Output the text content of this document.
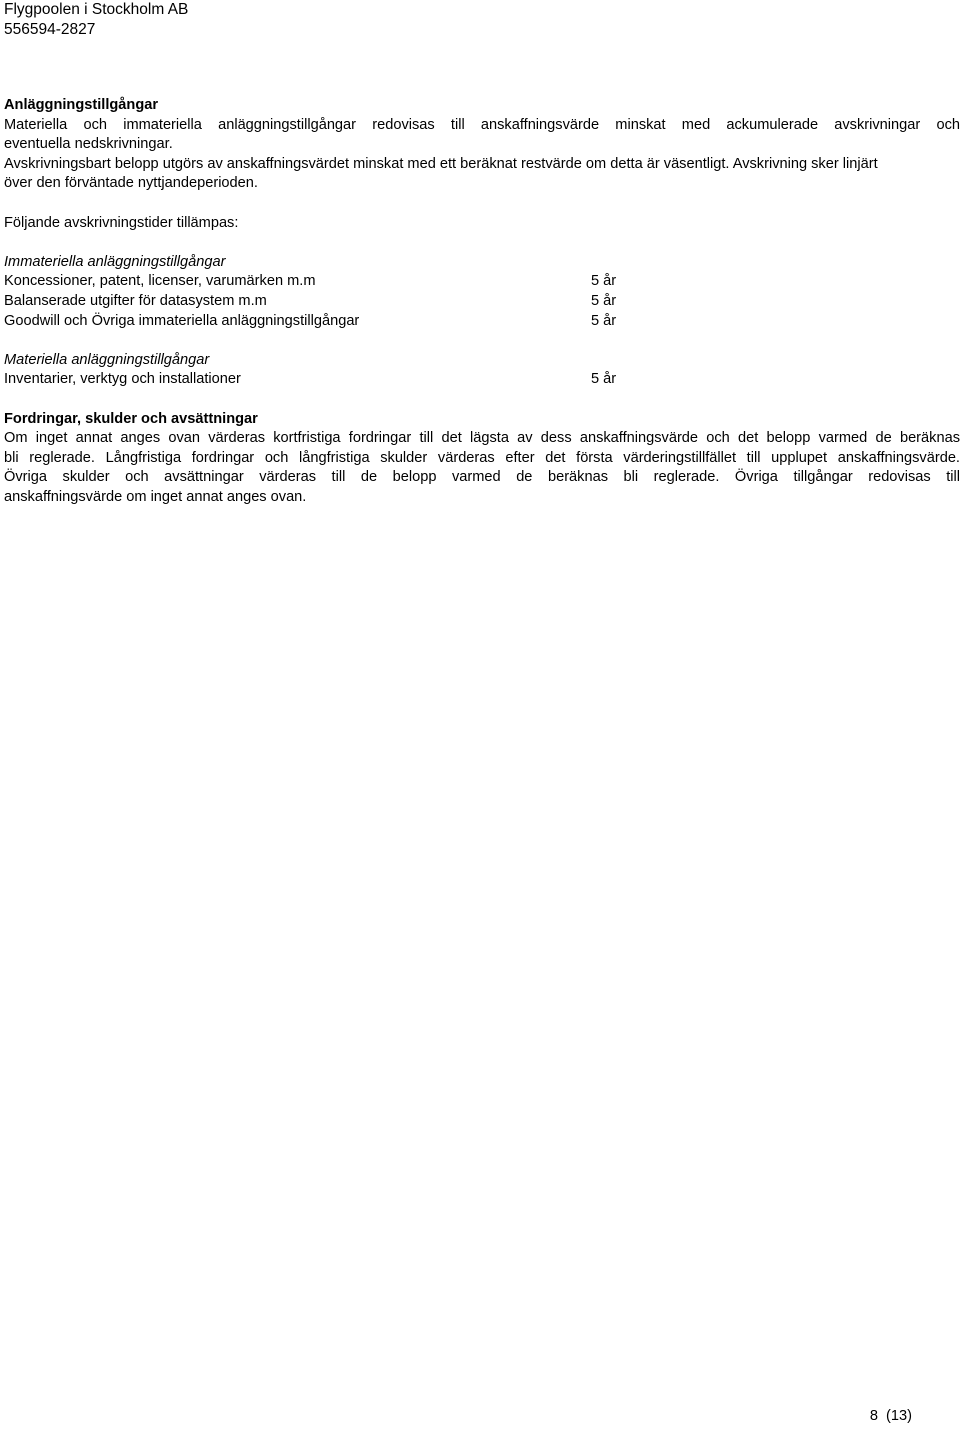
Flygpoolen i Stockholm AB
556594-2827

Anläggningstillgångar

Materiella och immateriella anläggningstillgångar redovisas till anskaffningsvärde minskat med ackumulerade avskrivningar och

eventuella nedskrivningar.

Avskrivningsbart belopp utgörs av anskaffningsvärdet minskat med ett beräknat restvärde om detta är väsentligt. Avskrivning sker linjärt

över den förväntade nyttjandeperioden.

Följande avskrivningstider tillämpas:

Immateriella anläggningstillgångar

Koncessioner, patent, licenser, varumärken m.m	5 år
Balanserade utgifter för datasystem m.m	5 år
Goodwill och Övriga immateriella anläggningstillgångar	5 år

Materiella anläggningstillgångar

Inventarier, verktyg och installationer	5 år

Fordringar, skulder och avsättningar

Om inget annat anges ovan värderas kortfristiga fordringar till det lägsta av dess anskaffningsvärde och det belopp varmed de beräknas

bli reglerade. Långfristiga fordringar och långfristiga skulder värderas efter det första värderingstillfället till upplupet anskaffningsvärde.

Övriga skulder och avsättningar värderas till de belopp varmed de beräknas bli reglerade. Övriga tillgångar redovisas till

anskaffningsvärde om inget annat anges ovan.

8  (13)
